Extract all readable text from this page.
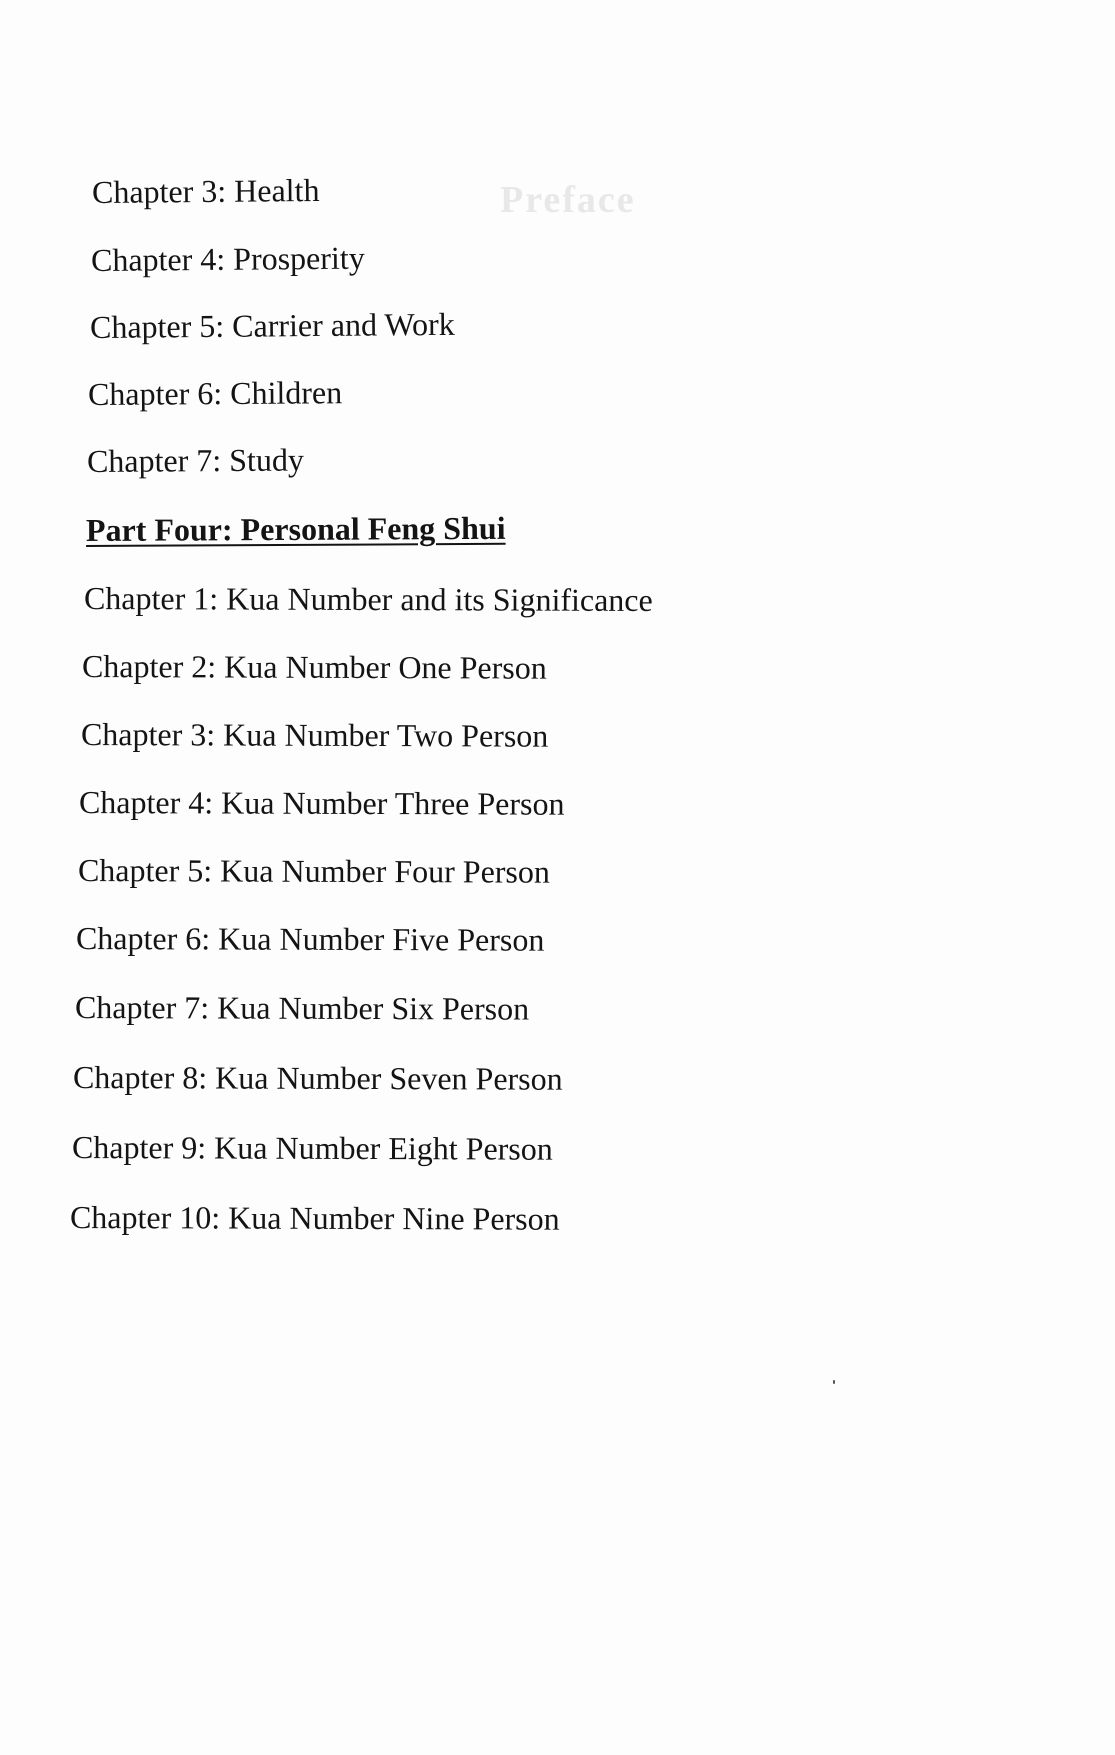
Preface
Chapter 3: Health
Chapter 4: Prosperity
Chapter 5: Carrier and Work
Chapter 6: Children
Chapter 7: Study
Part Four: Personal Feng Shui
Chapter 1: Kua Number and its Significance
Chapter 2: Kua Number One Person
Chapter 3: Kua Number Two Person
Chapter 4: Kua Number Three Person
Chapter 5: Kua Number Four Person
Chapter 6: Kua Number Five Person
Chapter 7: Kua Number Six Person
Chapter 8: Kua Number Seven Person
Chapter 9: Kua Number Eight Person
Chapter 10: Kua Number Nine Person
